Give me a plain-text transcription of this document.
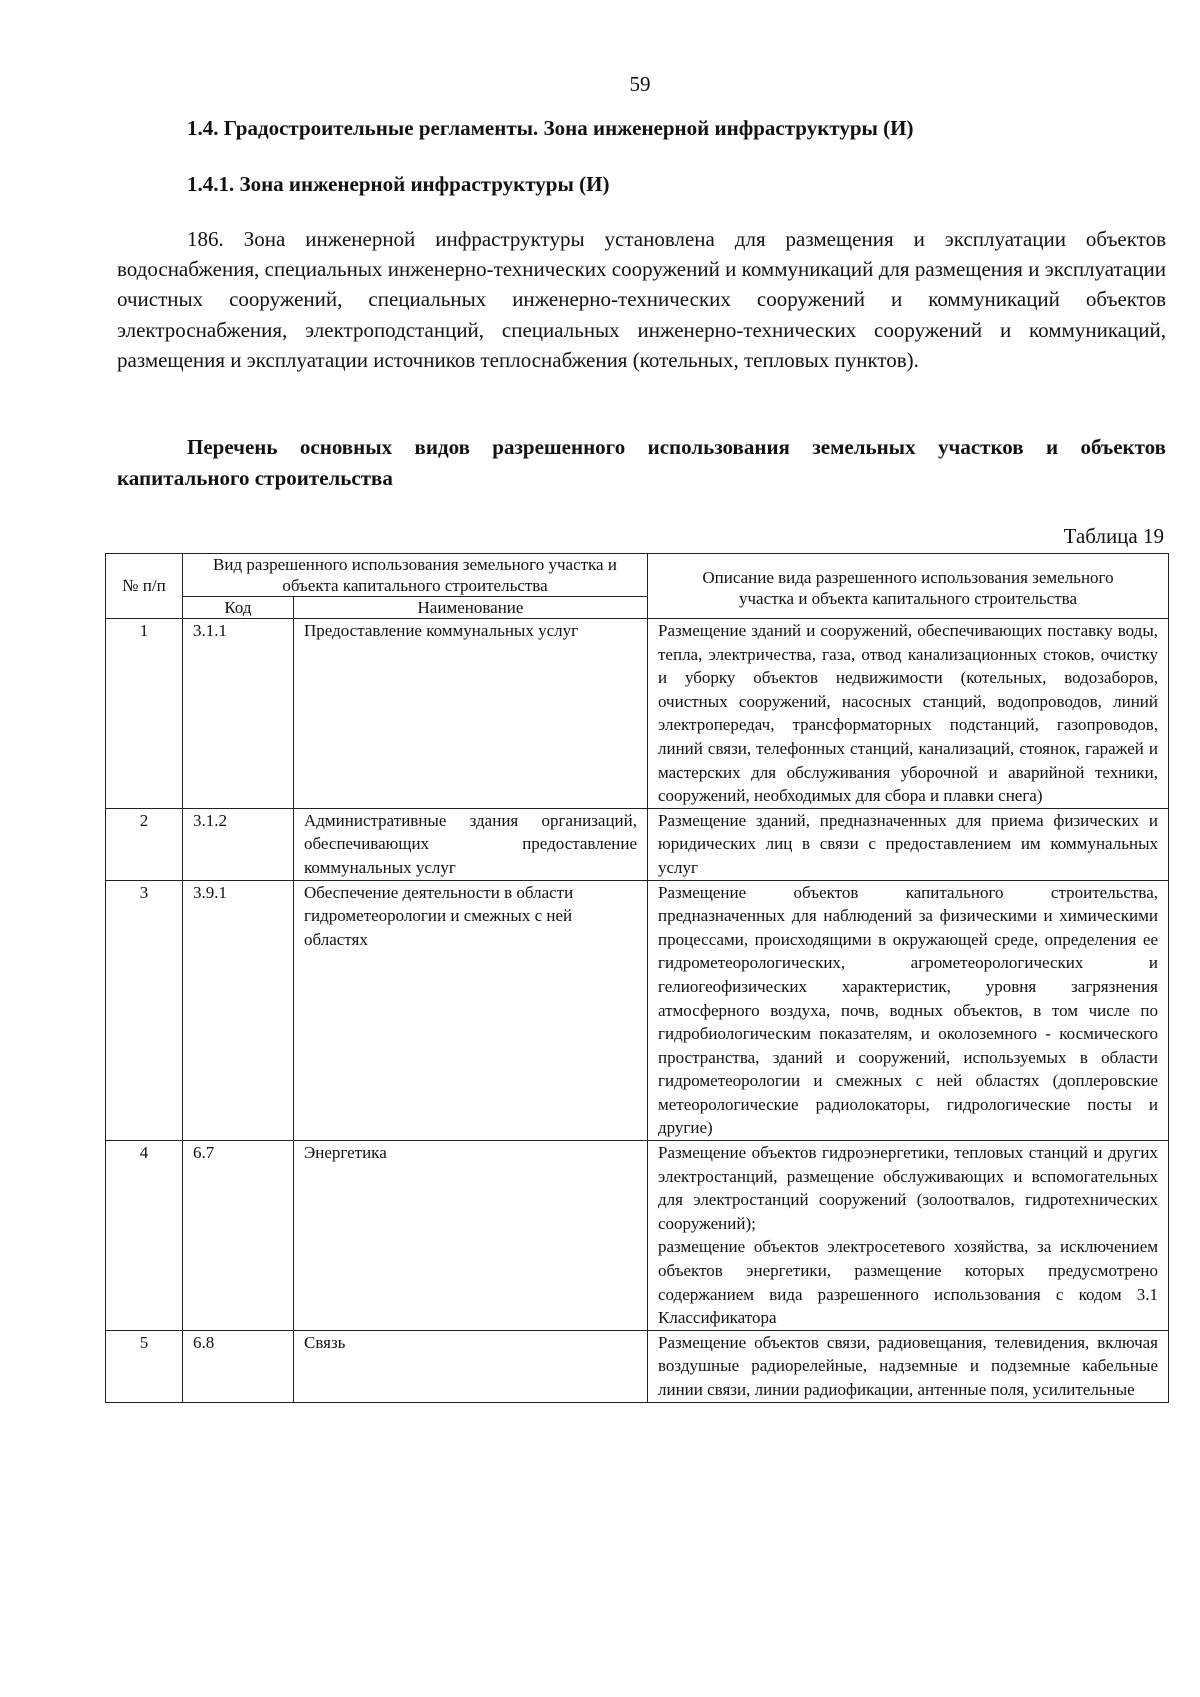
59
1.4. Градостроительные регламенты. Зона инженерной инфраструктуры (И)
1.4.1. Зона инженерной инфраструктуры (И)

186. Зона инженерной инфраструктуры установлена для размещения и эксплуатации объектов водоснабжения, специальных инженерно-технических сооружений и коммуникаций для размещения и эксплуатации очистных сооружений, специальных инженерно-технических сооружений и коммуникаций объектов электроснабжения, электроподстанций, специальных инженерно-технических сооружений и коммуникаций, размещения и эксплуатации источников теплоснабжения (котельных, тепловых пунктов).

Перечень основных видов разрешенного использования земельных участков и объектов капитального строительства

Таблица 19
№ п/п	Вид разрешенного использования земельного участка и объекта капитального строительства		Описание вида разрешенного использования земельного участка и объекта капитального строительства
	Код	Наименование	
1	3.1.1	Предоставление коммунальных услуг	Размещение зданий и сооружений, обеспечивающих поставку воды, тепла, электричества, газа, отвод канализационных стоков, очистку и уборку объектов недвижимости (котельных, водозаборов, очистных сооружений, насосных станций, водопроводов, линий электропередач, трансформаторных подстанций, газопроводов, линий связи, телефонных станций, канализаций, стоянок, гаражей и мастерских для обслуживания уборочной и аварийной техники, сооружений, необходимых для сбора и плавки снега)

2	3.1.2	Административные здания организаций, обеспечивающих предоставление коммунальных услуг	Размещение зданий, предназначенных для приема физических и юридических лиц в связи с предоставлением им коммунальных услуг

3	3.9.1	Обеспечение деятельности в области гидрометеорологии и смежных с ней областях	Размещение объектов капитального строительства, предназначенных для наблюдений за физическими и химическими процессами, происходящими в окружающей среде, определения ее гидрометеорологических, агрометеорологических и гелиогеофизических характеристик, уровня загрязнения атмосферного воздуха, почв, водных объектов, в том числе по гидробиологическим показателям, и околоземного - космического пространства, зданий и сооружений, используемых в области гидрометеорологии и смежных с ней областях (доплеровские метеорологические радиолокаторы, гидрологические посты и другие)

4	6.7	Энергетика	Размещение объектов гидроэнергетики, тепловых станций и других электростанций, размещение обслуживающих и вспомогательных для электростанций сооружений (золоотвалов, гидротехнических сооружений);
размещение объектов электросетевого хозяйства, за исключением объектов энергетики, размещение которых предусмотрено содержанием вида разрешенного использования с кодом 3.1 Классификатора

5	6.8	Связь	Размещение объектов связи, радиовещания, телевидения, включая воздушные радиорелейные, надземные и подземные кабельные линии связи, линии радиофикации, антенные поля, усилительные
